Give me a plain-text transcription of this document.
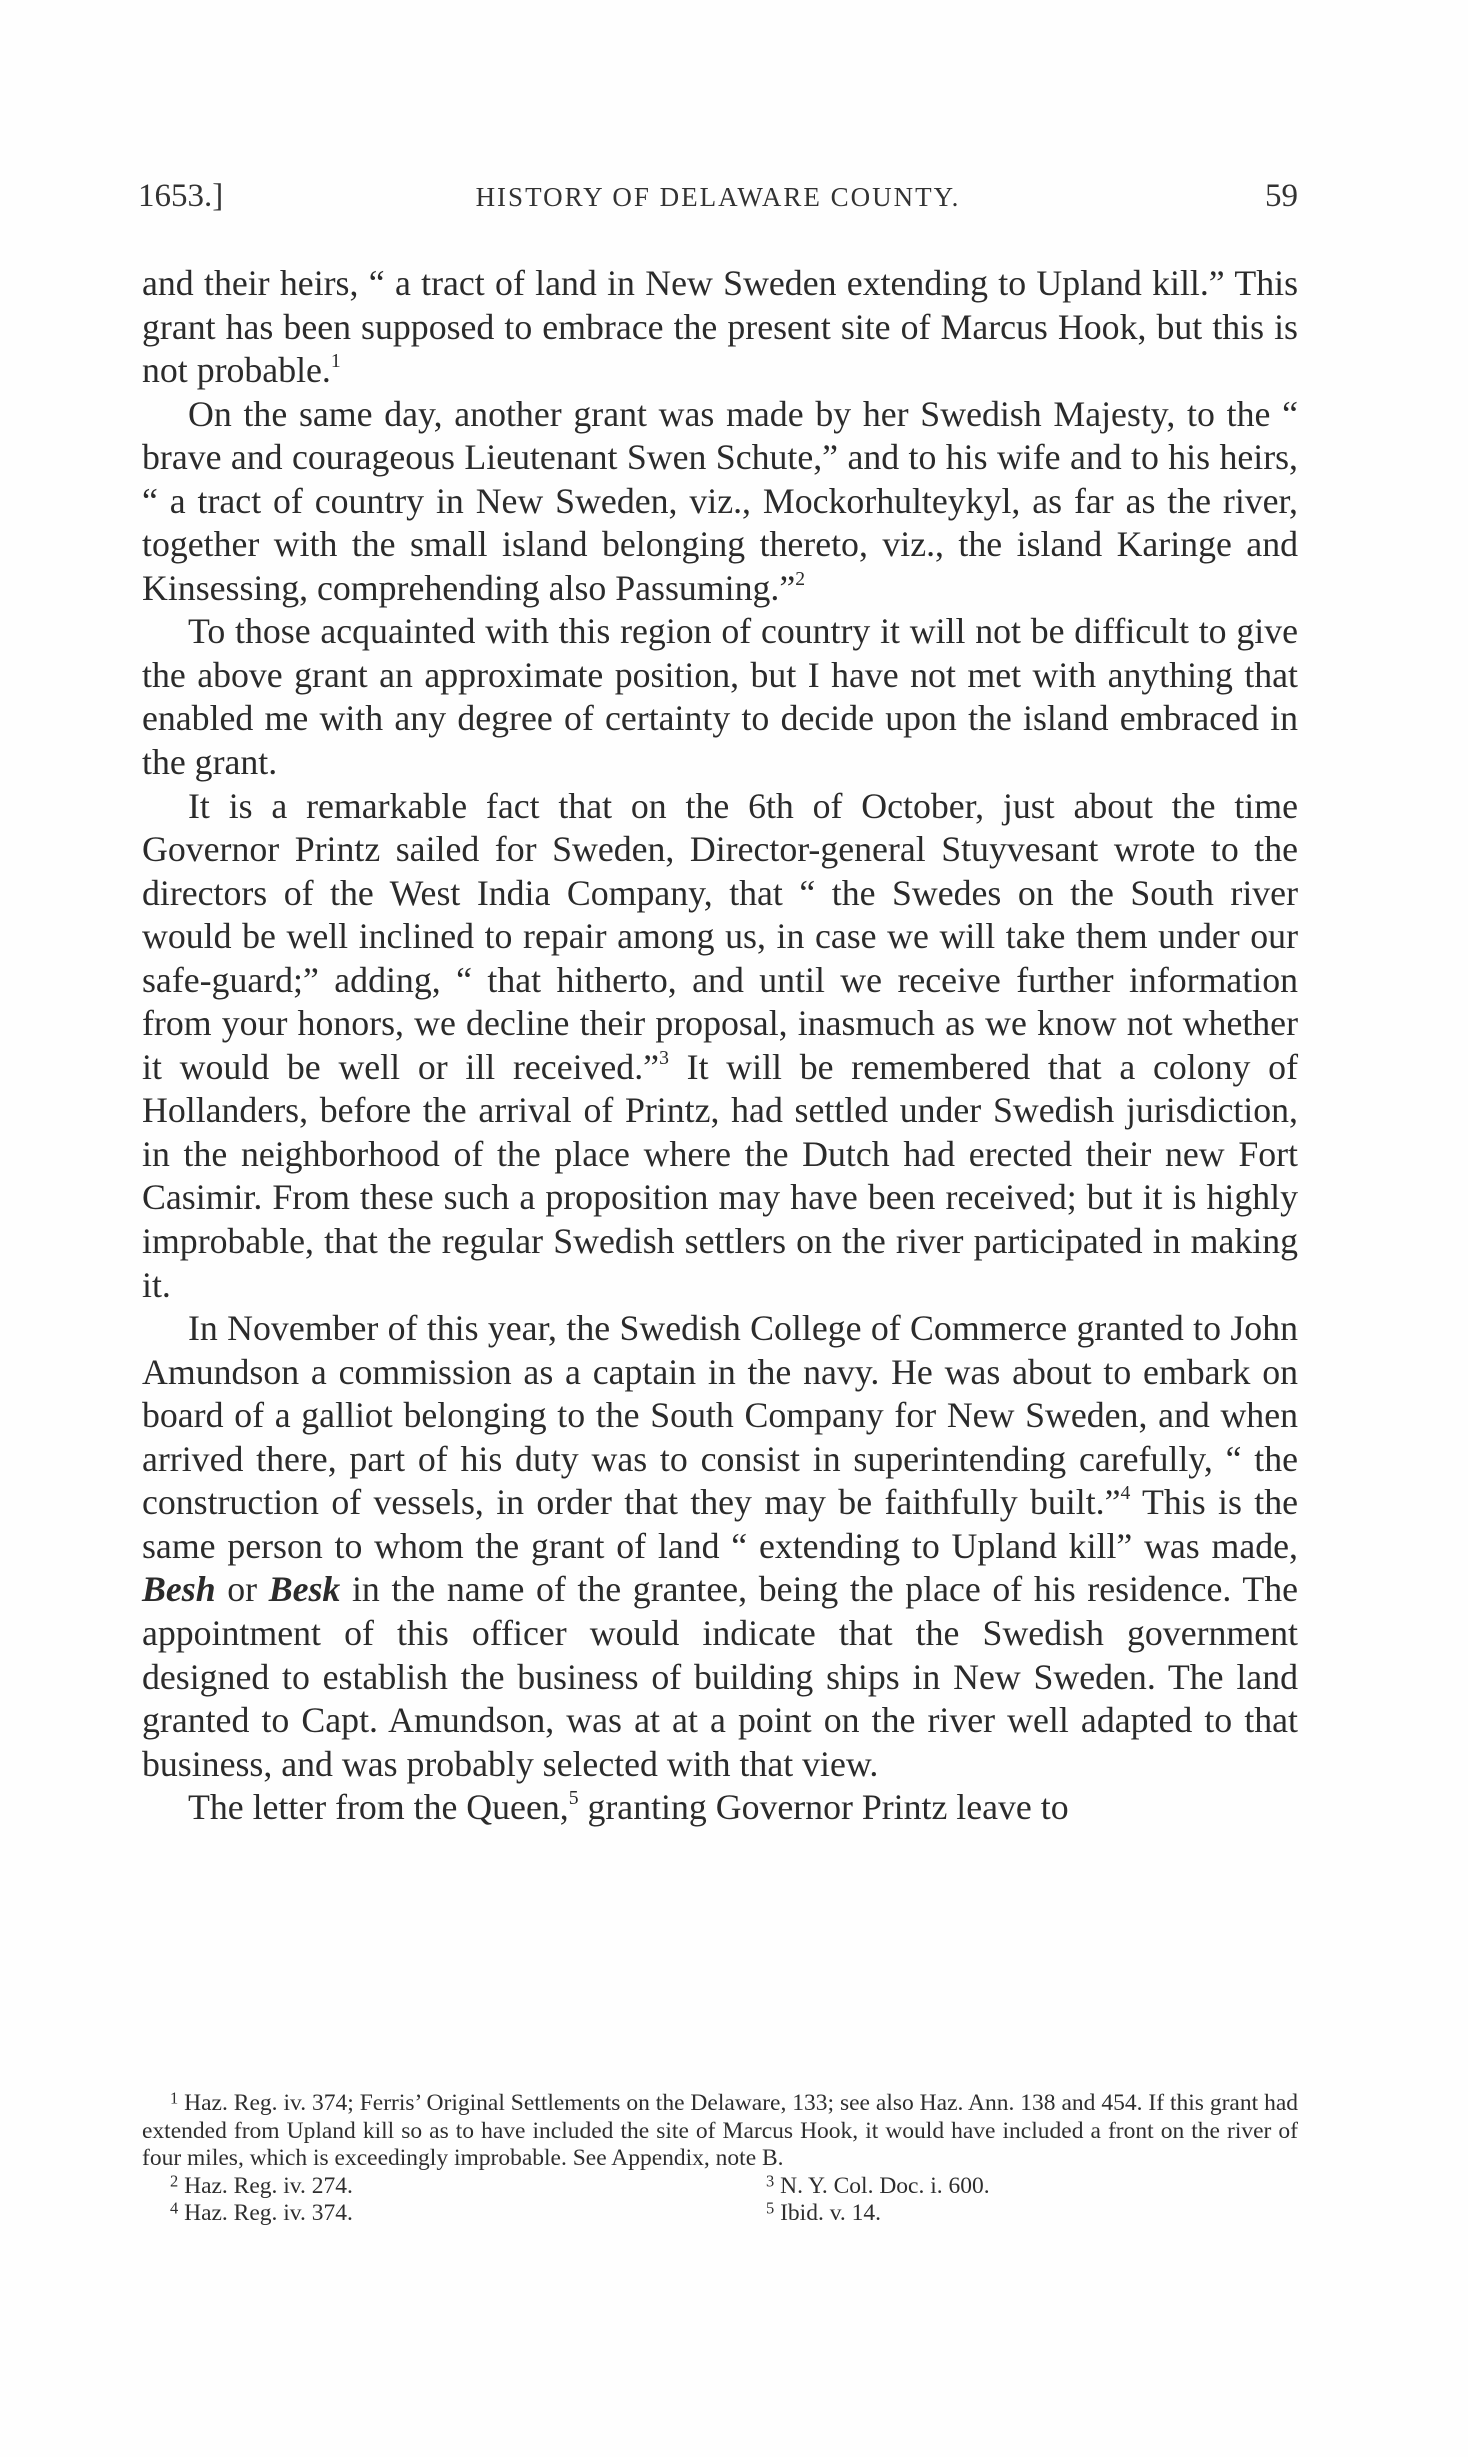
1653.]	HISTORY OF DELAWARE COUNTY.	59

and their heirs, “ a tract of land in New Sweden extending to Upland kill.” This grant has been supposed to embrace the present site of Marcus Hook, but this is not probable.$^1$

On the same day, another grant was made by her Swedish Majesty, to the “ brave and courageous Lieutenant Swen Schute,” and to his wife and to his heirs, “ a tract of country in New Sweden, viz., Mockorhulteykyl, as far as the river, together with the small island belonging thereto, viz., the island Karinge and Kinsessing, comprehending also Passuming.”$^2$

To those acquainted with this region of country it will not be difficult to give the above grant an approximate position, but I have not met with anything that enabled me with any degree of certainty to decide upon the island embraced in the grant.

It is a remarkable fact that on the 6th of October, just about the time Governor Printz sailed for Sweden, Director-general Stuyvesant wrote to the directors of the West India Company, that “ the Swedes on the South river would be well inclined to repair among us, in case we will take them under our safe-guard;” adding, “ that hitherto, and until we receive further information from your honors, we decline their proposal, inasmuch as we know not whether it would be well or ill received.”$^3$ It will be remembered that a colony of Hollanders, before the arrival of Printz, had settled under Swedish jurisdiction, in the neighborhood of the place where the Dutch had erected their new Fort Casimir. From these such a proposition may have been received; but it is highly improbable, that the regular Swedish settlers on the river participated in making it.

In November of this year, the Swedish College of Commerce granted to John Amundson a commission as a captain in the navy. He was about to embark on board of a galliot belonging to the South Company for New Sweden, and when arrived there, part of his duty was to consist in superintending carefully, “ the construction of vessels, in order that they may be faithfully built.”$^4$ This is the same person to whom the grant of land “ extending to Upland kill” was made, Besh or Besk in the name of the grantee, being the place of his residence. The appointment of this officer would indicate that the Swedish government designed to establish the business of building ships in New Sweden. The land granted to Capt. Amundson, was at at a point on the river well adapted to that business, and was probably selected with that view.

The letter from the Queen,$^5$ granting Governor Printz leave to

$^1$ Haz. Reg. iv. 374; Ferris’ Original Settlements on the Delaware, 133; see also Haz. Ann. 138 and 454. If this grant had extended from Upland kill so as to have included the site of Marcus Hook, it would have included a front on the river of four miles, which is exceedingly improbable. See Appendix, note B.

$^2$ Haz. Reg. iv. 274.	$^3$ N. Y. Col. Doc. i. 600.
$^4$ Haz. Reg. iv. 374.	$^5$ Ibid. v. 14.
